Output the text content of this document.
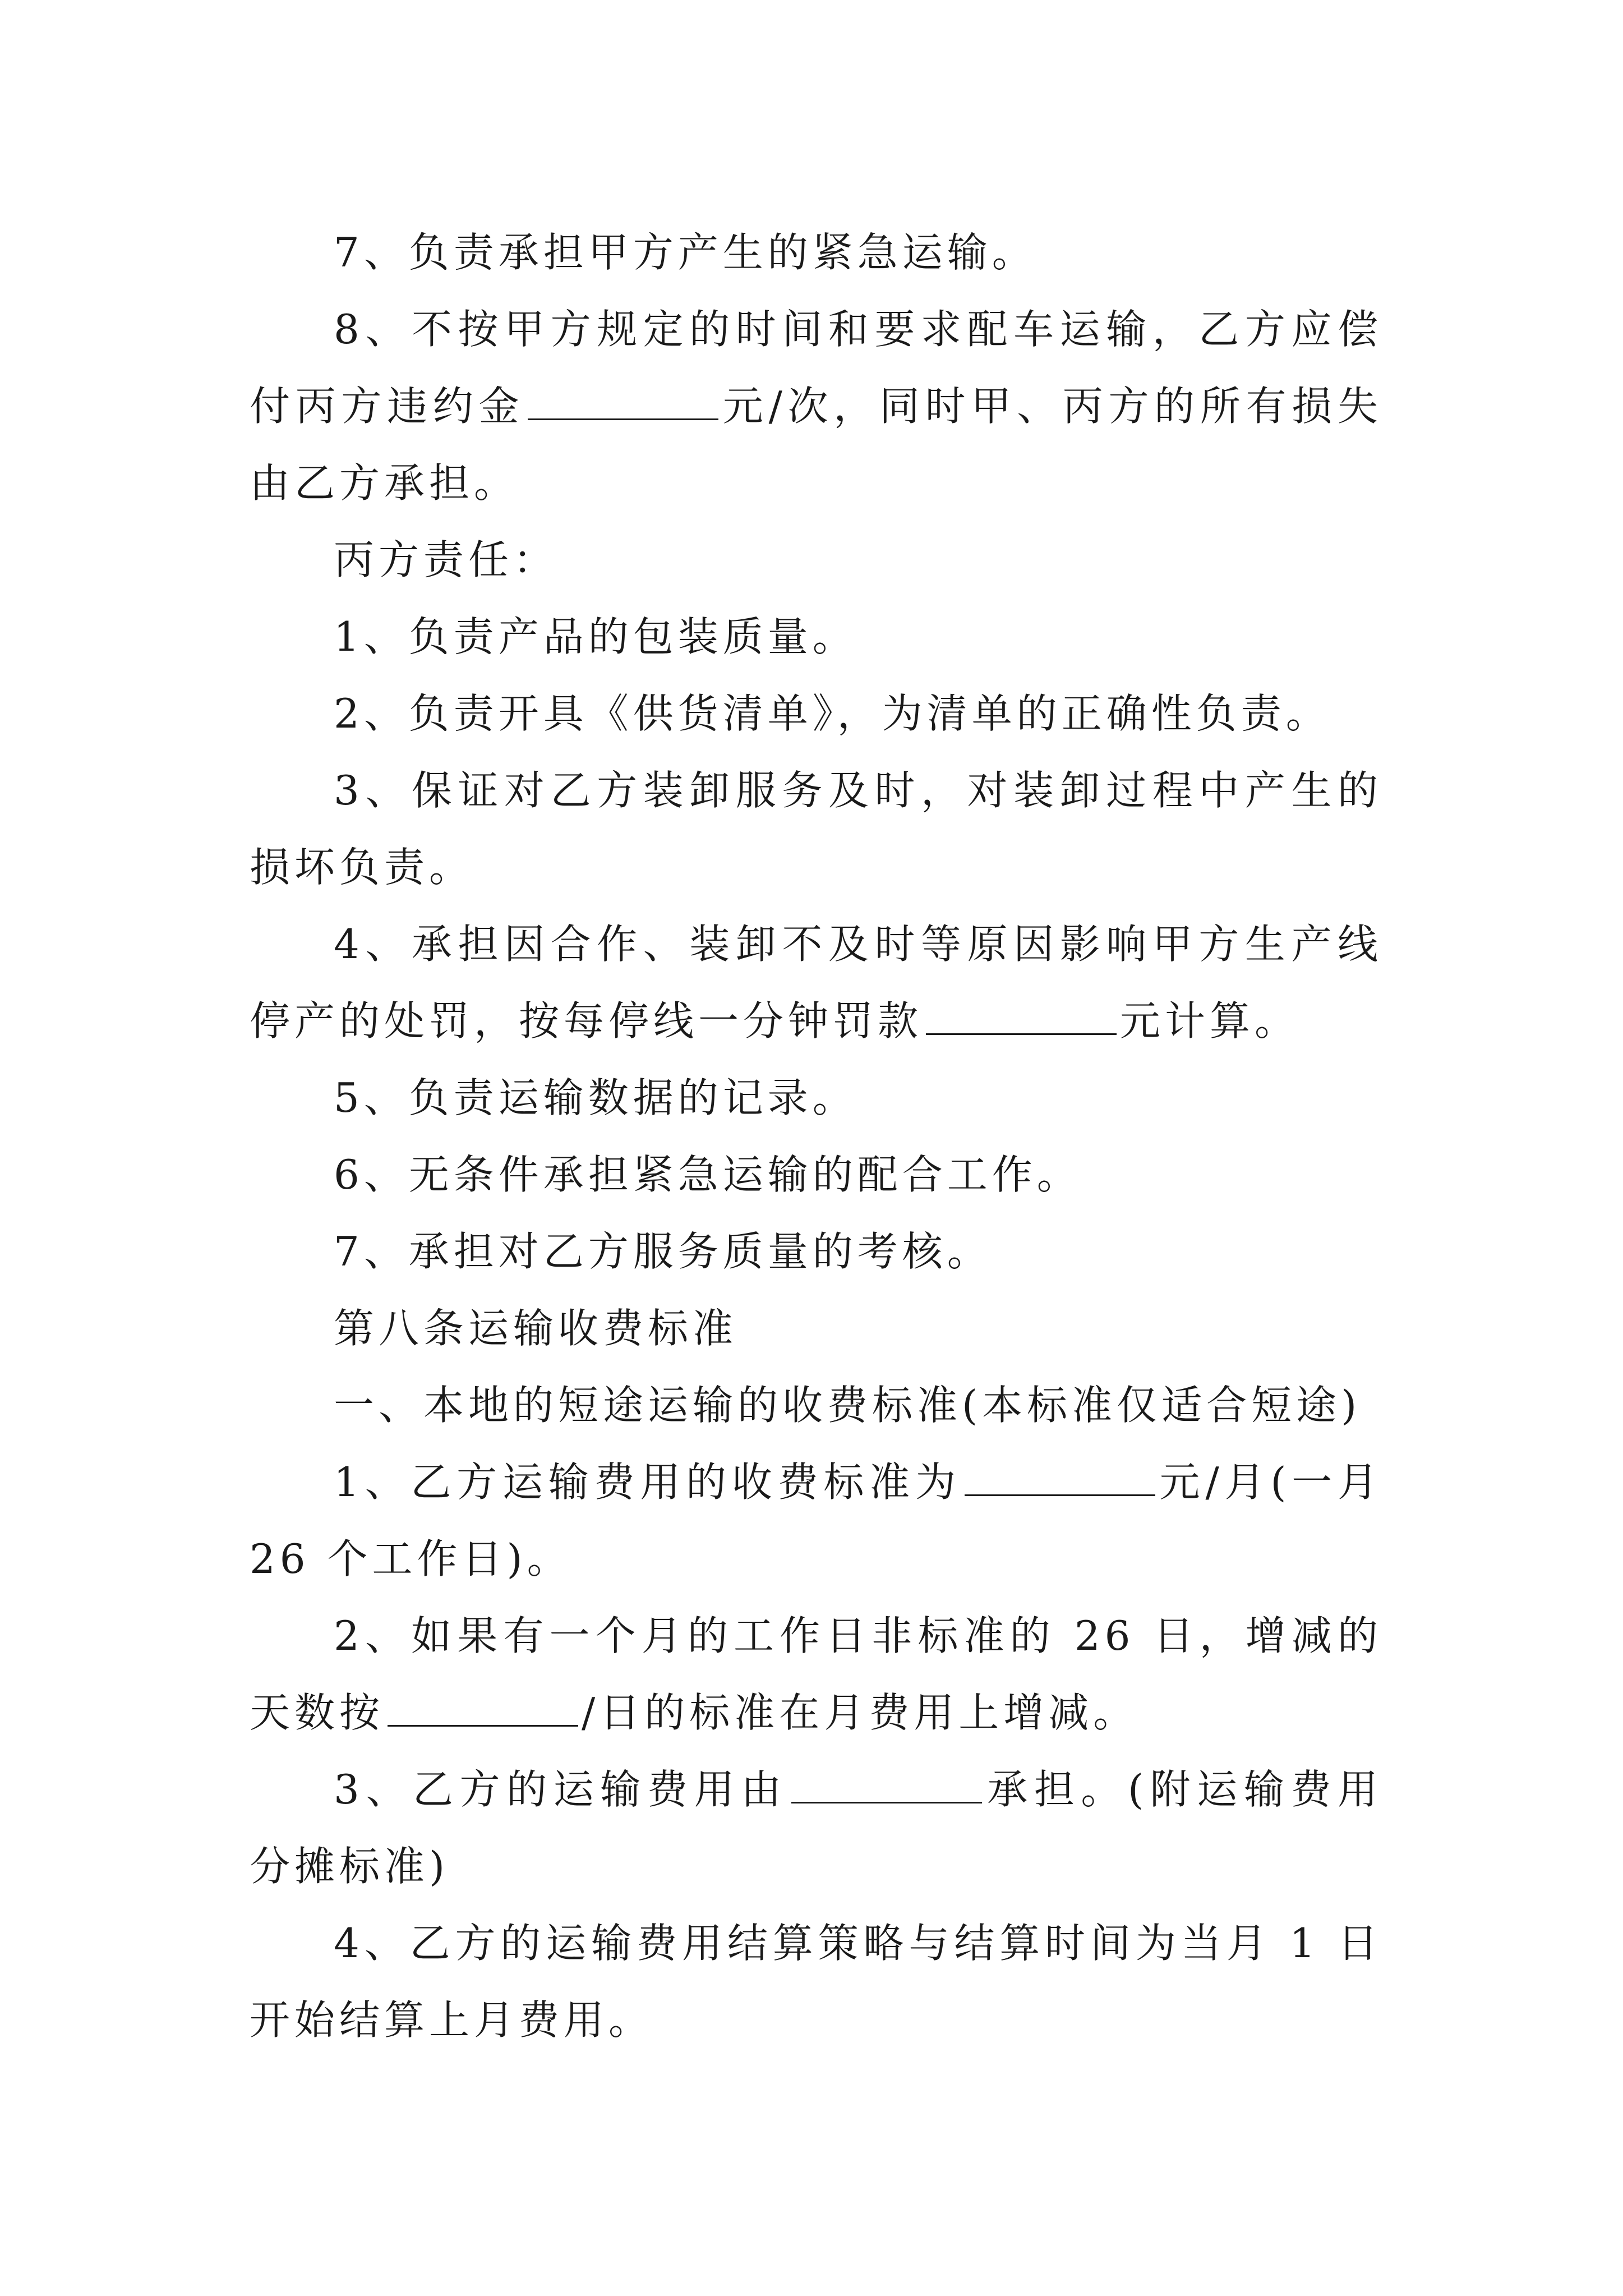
7、负责承担甲方产生的紧急运输。

8、不按甲方规定的时间和要求配车运输，乙方应偿付丙方违约金	元/次，同时甲、丙方的所有损失由乙方承担。

丙方责任：

1、负责产品的包装质量。

2、负责开具《供货清单》，为清单的正确性负责。

3、保证对乙方装卸服务及时，对装卸过程中产生的损坏负责。

4、承担因合作、装卸不及时等原因影响甲方生产线停产的处罚，按每停线一分钟罚款	元计算。

5、负责运输数据的记录。

6、无条件承担紧急运输的配合工作。

7、承担对乙方服务质量的考核。

第八条运输收费标准

一、本地的短途运输的收费标准(本标准仅适合短途)

1、乙方运输费用的收费标准为	元/月(一月 26 个工作日)。

2、如果有一个月的工作日非标准的 26 日，增减的天数按	/日的标准在月费用上增减。

3、乙方的运输费用由	承担。(附运输费用分摊标准)

4、乙方的运输费用结算策略与结算时间为当月 1 日开始结算上月费用。
